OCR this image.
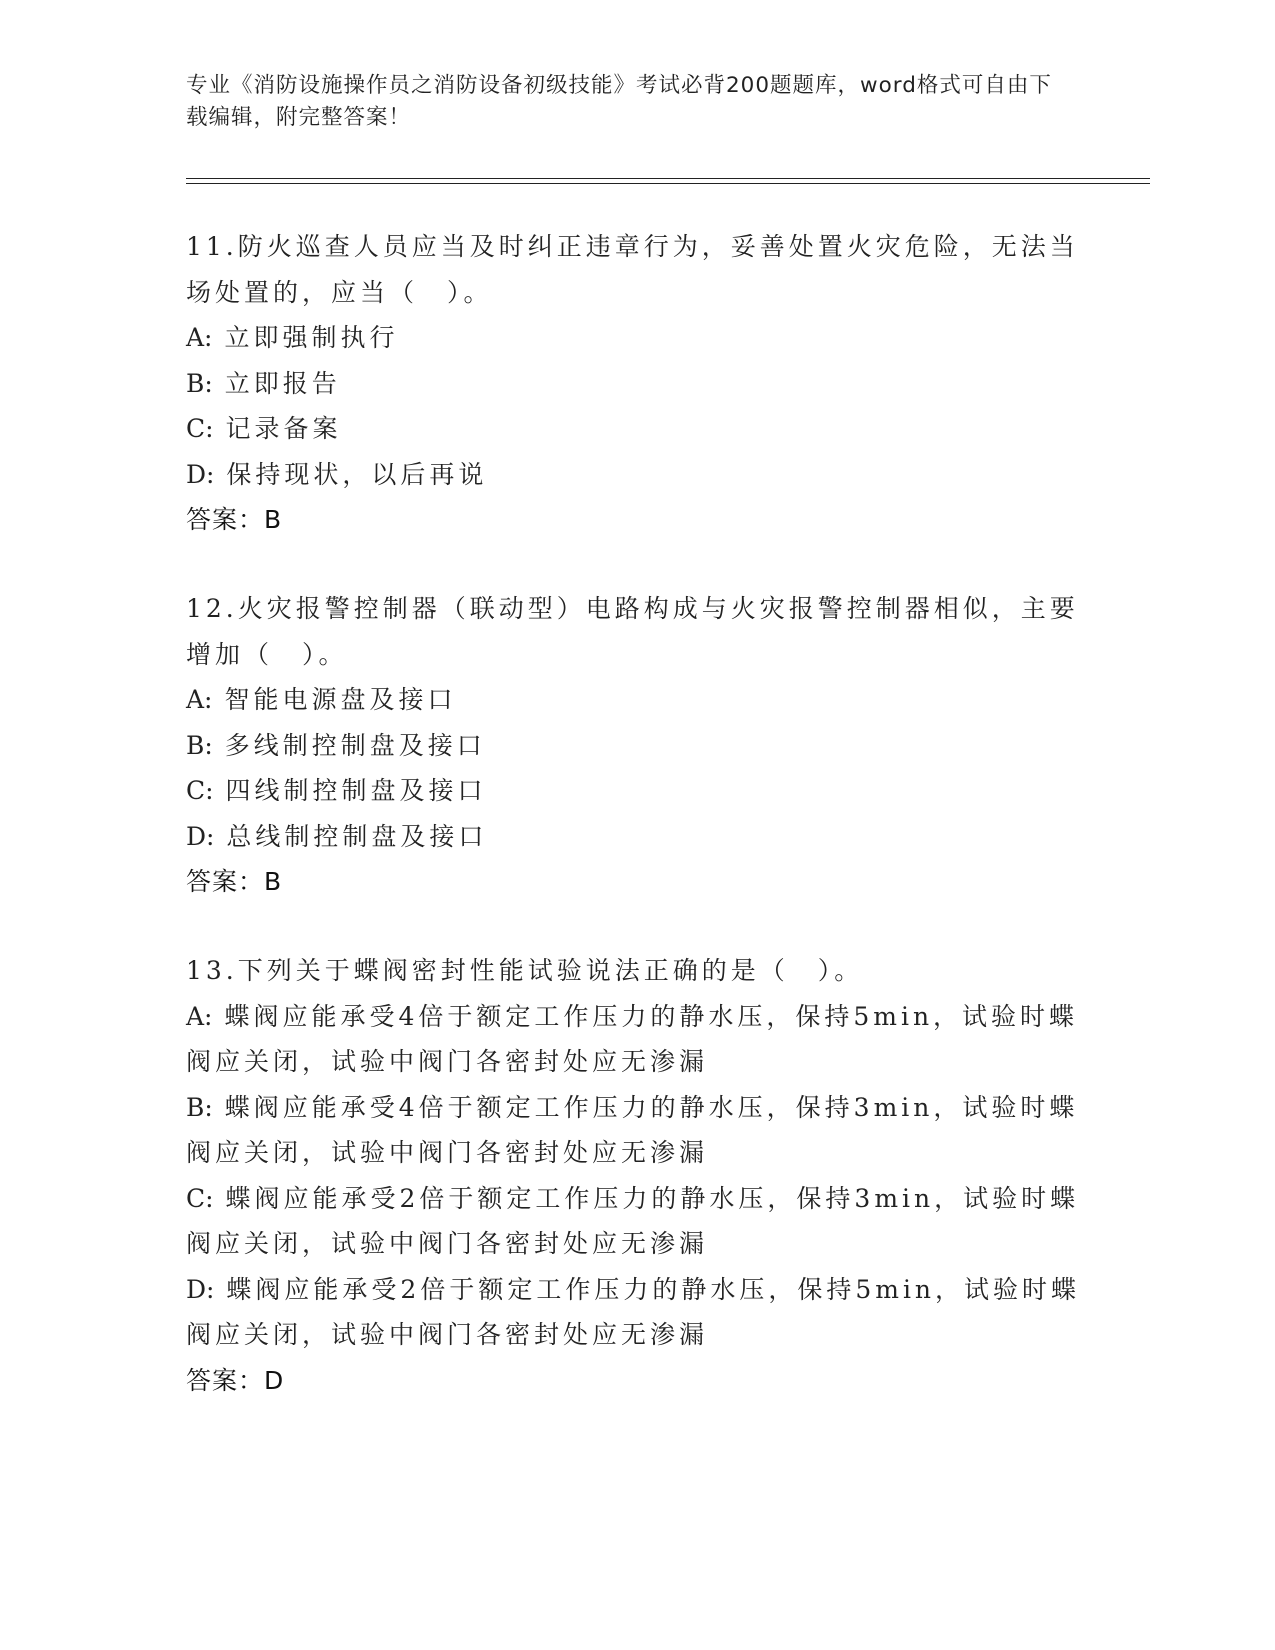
专业《消防设施操作员之消防设备初级技能》考试必背200题题库，word格式可自由下载编辑，附完整答案！

11.防火巡查人员应当及时纠正违章行为，妥善处置火灾危险，无法当场处置的，应当（　）。

A: 立即强制执行

B: 立即报告

C: 记录备案

D: 保持现状，以后再说

答案：B

12.火灾报警控制器（联动型）电路构成与火灾报警控制器相似，主要增加（　）。

A: 智能电源盘及接口

B: 多线制控制盘及接口

C: 四线制控制盘及接口

D: 总线制控制盘及接口

答案：B

13.下列关于蝶阀密封性能试验说法正确的是（　）。

A: 蝶阀应能承受4倍于额定工作压力的静水压，保持5min，试验时蝶阀应关闭，试验中阀门各密封处应无渗漏

B: 蝶阀应能承受4倍于额定工作压力的静水压，保持3min，试验时蝶阀应关闭，试验中阀门各密封处应无渗漏

C: 蝶阀应能承受2倍于额定工作压力的静水压，保持3min，试验时蝶阀应关闭，试验中阀门各密封处应无渗漏

D: 蝶阀应能承受2倍于额定工作压力的静水压，保持5min，试验时蝶阀应关闭，试验中阀门各密封处应无渗漏

答案：D
